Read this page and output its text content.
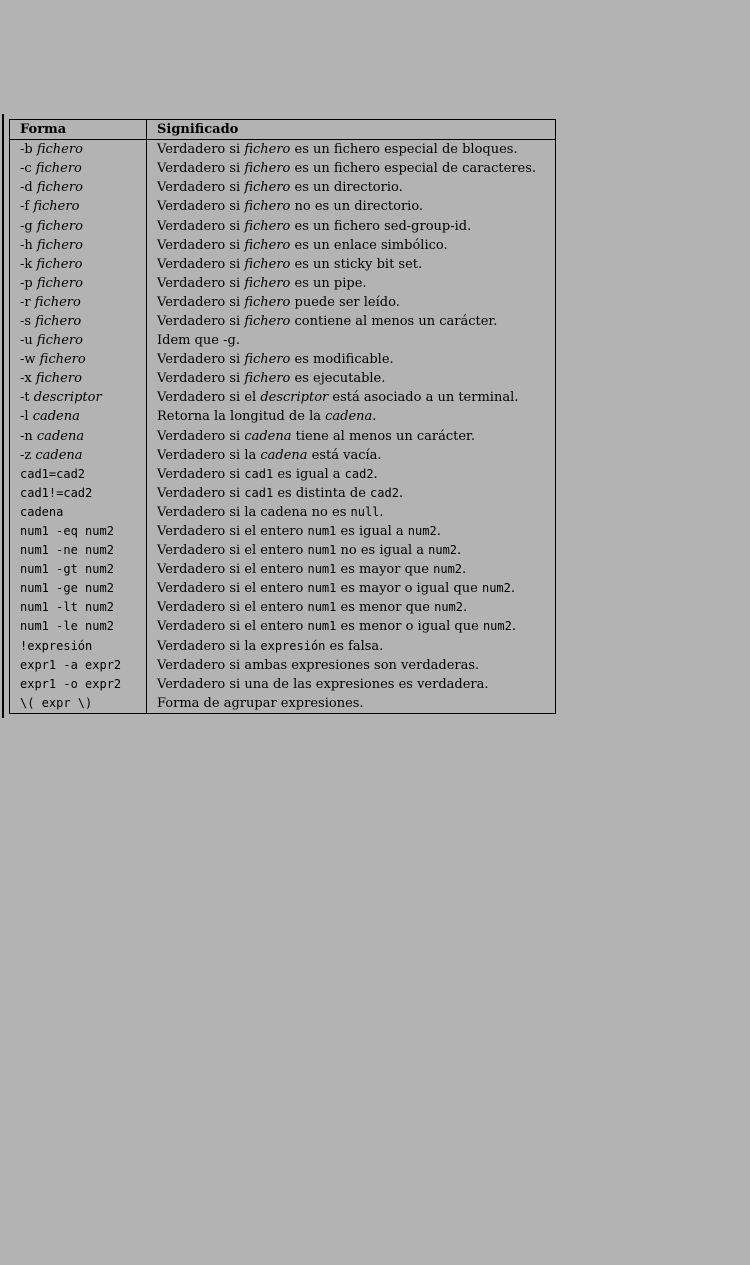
Forma	Significado
-b fichero	Verdadero si fichero es un fichero especial de bloques.
-c fichero	Verdadero si fichero es un fichero especial de caracteres.
-d fichero	Verdadero si fichero es un directorio.
-f fichero	Verdadero si fichero no es un directorio.
-g fichero	Verdadero si fichero es un fichero sed-group-id.
-h fichero	Verdadero si fichero es un enlace simbólico.
-k fichero	Verdadero si fichero es un sticky bit set.
-p fichero	Verdadero si fichero es un pipe.
-r fichero	Verdadero si fichero puede ser leído.
-s fichero	Verdadero si fichero contiene al menos un carácter.
-u fichero	Idem que -g.
-w fichero	Verdadero si fichero es modificable.
-x fichero	Verdadero si fichero es ejecutable.
-t descriptor	Verdadero si el descriptor está asociado a un terminal.
-l cadena	Retorna la longitud de la cadena.
-n cadena	Verdadero si cadena tiene al menos un carácter.
-z cadena	Verdadero si la cadena está vacía.
cad1=cad2	Verdadero si cad1 es igual a cad2.
cad1!=cad2	Verdadero si cad1 es distinta de cad2.
cadena	Verdadero si la cadena no es null.
num1 -eq num2	Verdadero si el entero num1 es igual a num2.
num1 -ne num2	Verdadero si el entero num1 no es igual a num2.
num1 -gt num2	Verdadero si el entero num1 es mayor que num2.
num1 -ge num2	Verdadero si el entero num1 es mayor o igual que num2.
num1 -lt num2	Verdadero si el entero num1 es menor que num2.
num1 -le num2	Verdadero si el entero num1 es menor o igual que num2.
!expresión	Verdadero si la expresión es falsa.
expr1 -a expr2	Verdadero si ambas expresiones son verdaderas.
expr1 -o expr2	Verdadero si una de las expresiones es verdadera.
\( expr \)	Forma de agrupar expresiones.
